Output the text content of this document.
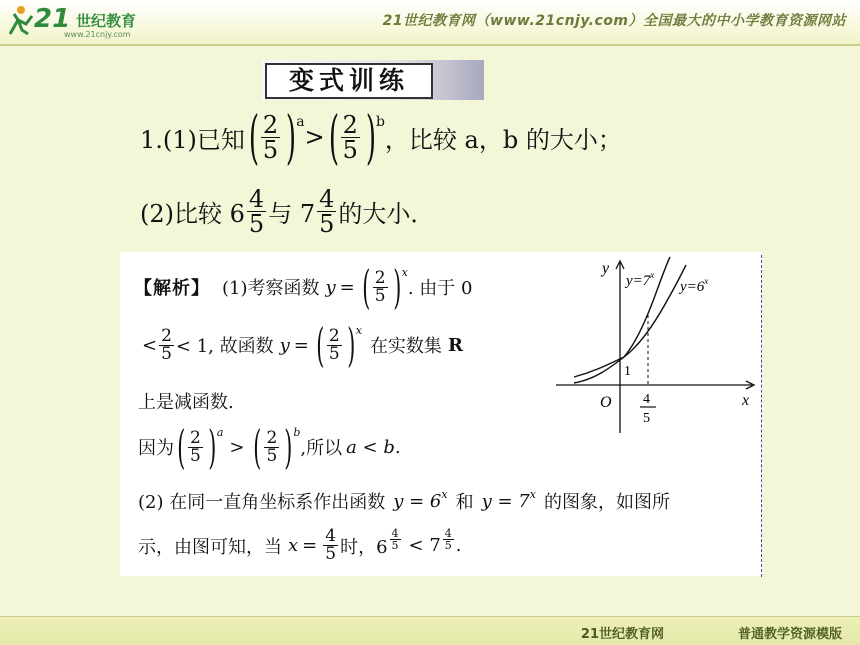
21 世纪教育
www.21cnjy.com
21世纪教育网（www.21cnjy.com）全国最大的中小学教育资源网站
变式训练
1.(1)已知 ( $\frac{2}{5}$ ) a
> ( $\frac{2}{5}$ ) b
，比较 a，b 的大小；
(2)比较 $6 \frac{4}{5}$ 与 $7 \frac{4}{5}$ 的大小．
【解析】 (1)考察函数 y = ( $\frac{2}{5}$ ) x
. 由于 0
< $\frac{2}{5} < 1$, 故函数 y = ( $\frac{2}{5}$ ) x
在实数集 R
上是减函数.
因为 ( $\frac{2}{5}$ ) a
> ( $\frac{2}{5}$ ) b
,所以 a < b.
(2) 在同一直角坐标系作出函数 y = 6 x 和 y = 7 x 的图象，如图所
示，由图可知，当 $x = \frac{4}{5}$ 时，$6 \frac{4}{5} < 7 \frac{4}{5}$ .
y
x
O
1
4
5
$y=7^x$
$y=6^x$
21世纪教育网	普通教学资源模版
